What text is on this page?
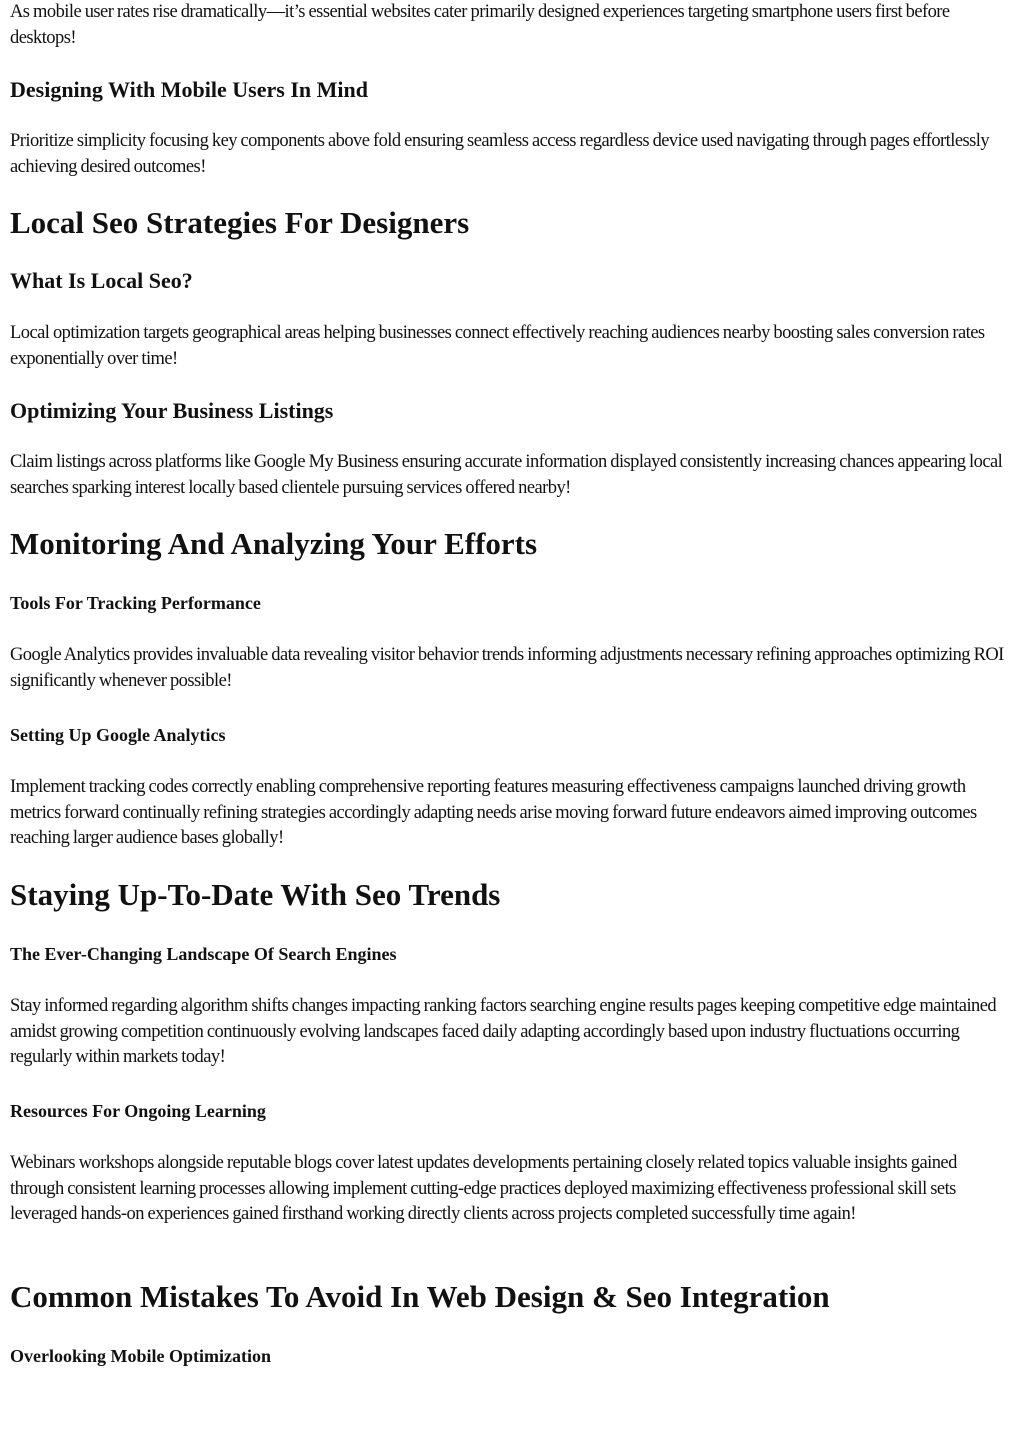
As mobile user rates rise dramatically—it’s essential websites cater primarily designed experiences targeting smartphone users first before desktops!

Designing With Mobile Users In Mind

Prioritize simplicity focusing key components above fold ensuring seamless access regardless device used navigating through pages effortlessly achieving desired outcomes!

Local Seo Strategies For Designers
What Is Local Seo?

Local optimization targets geographical areas helping businesses connect effectively reaching audiences nearby boosting sales conversion rates exponentially over time!

Optimizing Your Business Listings

Claim listings across platforms like Google My Business ensuring accurate information displayed consistently increasing chances appearing local searches sparking interest locally based clientele pursuing services offered nearby!

Monitoring And Analyzing Your Efforts
Tools For Tracking Performance

Google Analytics provides invaluable data revealing visitor behavior trends informing adjustments necessary refining approaches optimizing ROI significantly whenever possible!

Setting Up Google Analytics

Implement tracking codes correctly enabling comprehensive reporting features measuring effectiveness campaigns launched driving growth metrics forward continually refining strategies accordingly adapting needs arise moving forward future endeavors aimed improving outcomes reaching larger audience bases globally!

Staying Up-To-Date With Seo Trends
The Ever-Changing Landscape Of Search Engines

Stay informed regarding algorithm shifts changes impacting ranking factors searching engine results pages keeping competitive edge maintained amidst growing competition continuously evolving landscapes faced daily adapting accordingly based upon industry fluctuations occurring regularly within markets today!

Resources For Ongoing Learning

Webinars workshops alongside reputable blogs cover latest updates developments pertaining closely related topics valuable insights gained through consistent learning processes allowing implement cutting-edge practices deployed maximizing effectiveness professional skill sets leveraged hands-on experiences gained firsthand working directly clients across projects completed successfully time again!

Common Mistakes To Avoid In Web Design & Seo Integration
Overlooking Mobile Optimization
